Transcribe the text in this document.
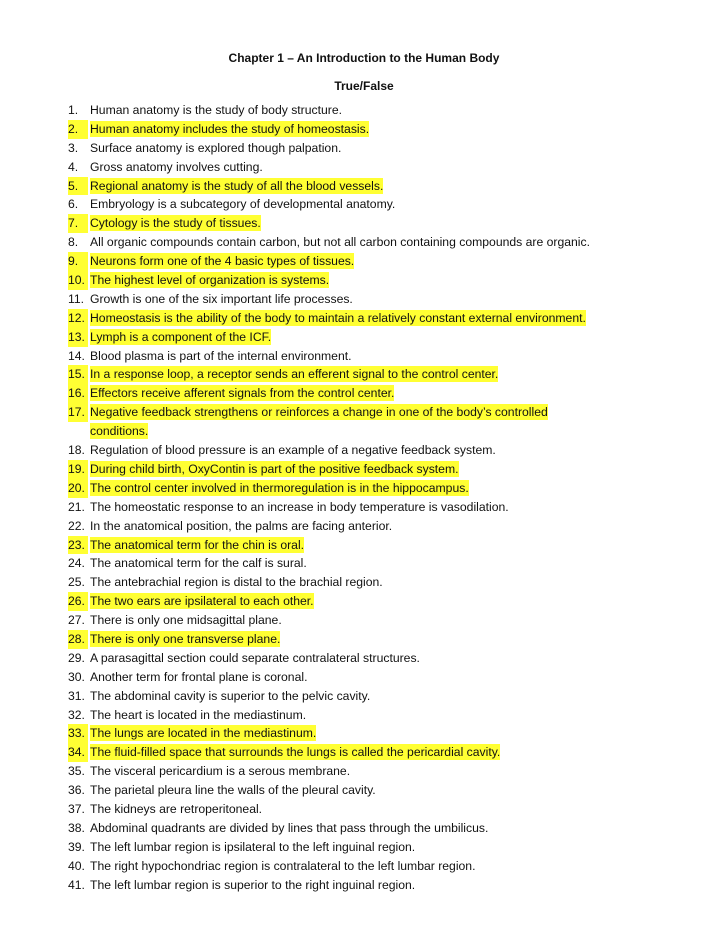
Chapter 1 – An Introduction to the Human Body
True/False
1. Human anatomy is the study of body structure.
2. Human anatomy includes the study of homeostasis.
3. Surface anatomy is explored though palpation.
4. Gross anatomy involves cutting.
5. Regional anatomy is the study of all the blood vessels.
6. Embryology is a subcategory of developmental anatomy.
7. Cytology is the study of tissues.
8. All organic compounds contain carbon, but not all carbon containing compounds are organic.
9. Neurons form one of the 4 basic types of tissues.
10. The highest level of organization is systems.
11. Growth is one of the six important life processes.
12. Homeostasis is the ability of the body to maintain a relatively constant external environment.
13. Lymph is a component of the ICF.
14. Blood plasma is part of the internal environment.
15. In a response loop, a receptor sends an efferent signal to the control center.
16. Effectors receive afferent signals from the control center.
17. Negative feedback strengthens or reinforces a change in one of the body’s controlled
conditions.
18. Regulation of blood pressure is an example of a negative feedback system.
19. During child birth, OxyContin is part of the positive feedback system.
20. The control center involved in thermoregulation is in the hippocampus.
21. The homeostatic response to an increase in body temperature is vasodilation.
22. In the anatomical position, the palms are facing anterior.
23. The anatomical term for the chin is oral.
24. The anatomical term for the calf is sural.
25. The antebrachial region is distal to the brachial region.
26. The two ears are ipsilateral to each other.
27. There is only one midsagittal plane.
28. There is only one transverse plane.
29. A parasagittal section could separate contralateral structures.
30. Another term for frontal plane is coronal.
31. The abdominal cavity is superior to the pelvic cavity.
32. The heart is located in the mediastinum.
33. The lungs are located in the mediastinum.
34. The fluid-filled space that surrounds the lungs is called the pericardial cavity.
35. The visceral pericardium is a serous membrane.
36. The parietal pleura line the walls of the pleural cavity.
37. The kidneys are retroperitoneal.
38. Abdominal quadrants are divided by lines that pass through the umbilicus.
39. The left lumbar region is ipsilateral to the left inguinal region.
40. The right hypochondriac region is contralateral to the left lumbar region.
41. The left lumbar region is superior to the right inguinal region.
